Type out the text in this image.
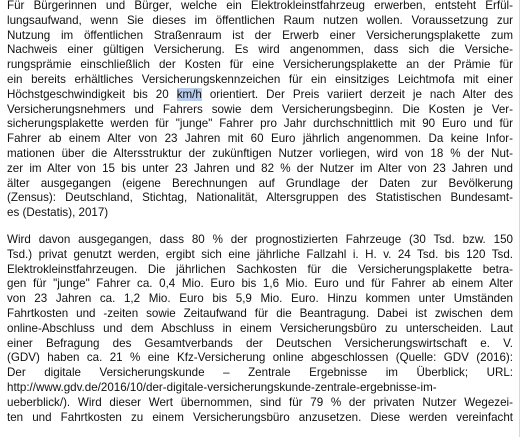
Für Bürgerinnen und Bürger, welche ein Elektrokleinstfahrzeug erwerben, entsteht Erfül-
lungsaufwand, wenn Sie dieses im öffentlichen Raum nutzen wollen. Voraussetzung zur
Nutzung im öffentlichen Straßenraum ist der Erwerb einer Versicherungsplakette zum
Nachweis einer gültigen Versicherung. Es wird angenommen, dass sich die Versiche-
rungsprämie einschließlich der Kosten für eine Versicherungsplakette an der Prämie für
ein bereits erhältliches Versicherungskennzeichen für ein einsitziges Leichtmofa mit einer
Höchstgeschwindigkeit bis 20 km/h orientiert. Der Preis variiert derzeit je nach Alter des
Versicherungsnehmers und Fahrers sowie dem Versicherungsbeginn. Die Kosten je Ver-
sicherungsplakette werden für "junge" Fahrer pro Jahr durchschnittlich mit 90 Euro und für
Fahrer ab einem Alter von 23 Jahren mit 60 Euro jährlich angenommen. Da keine Infor-
mationen über die Altersstruktur der zukünftigen Nutzer vorliegen, wird von 18 % der Nut-
zer im Alter von 15 bis unter 23 Jahren und 82 % der Nutzer im Alter von 23 Jahren und
älter ausgegangen (eigene Berechnungen auf Grundlage der Daten zur Bevölkerung
(Zensus): Deutschland, Stichtag, Nationalität, Altersgruppen des Statistischen Bundesamt-
es (Destatis), 2017)
Wird davon ausgegangen, dass 80 % der prognostizierten Fahrzeuge (30 Tsd. bzw. 150
Tsd.) privat genutzt werden, ergibt sich eine jährliche Fallzahl i. H. v. 24 Tsd. bis 120 Tsd.
Elektrokleinstfahrzeugen. Die jährlichen Sachkosten für die Versicherungsplakette betra-
gen für "junge" Fahrer ca. 0,4 Mio. Euro bis 1,6 Mio. Euro und für Fahrer ab einem Alter
von 23 Jahren ca. 1,2 Mio. Euro bis 5,9 Mio. Euro. Hinzu kommen unter Umständen
Fahrtkosten und -zeiten sowie Zeitaufwand für die Beantragung. Dabei ist zwischen dem
online-Abschluss und dem Abschluss in einem Versicherungsbüro zu unterscheiden. Laut
einer Befragung des Gesamtverbands der Deutschen Versicherungswirtschaft e. V.
(GDV) haben ca. 21 % eine Kfz-Versicherung online abgeschlossen (Quelle: GDV (2016):
Der digitale Versicherungskunde – Zentrale Ergebnisse im Überblick; URL:
http://www.gdv.de/2016/10/der-digitale-versicherungskunde-zentrale-ergebnisse-im-
ueberblick/). Wird dieser Wert übernommen, sind für 79 % der privaten Nutzer Wegezei-
ten und Fahrtkosten zu einem Versicherungsbüro anzusetzen. Diese werden vereinfacht
